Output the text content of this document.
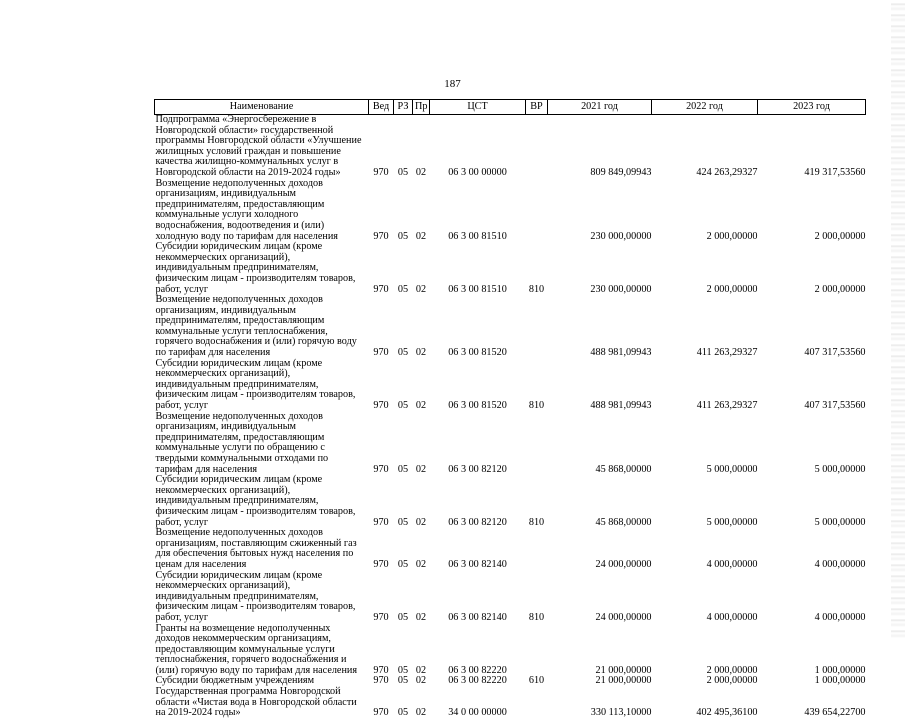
187
Наименование	Вед	РЗ	Пр	ЦСТ	ВР	2021 год	2022 год	2023 год
Подпрограмма «Энергосбережение в Новгородской области» государственной программы Новгородской области «Улучшение жилищных условий граждан и повышение качества жилищно-коммунальных услуг в Новгородской области на 2019-2024 годы»	970	05	02	06 3 00 00000		809 849,09943	424 263,29327	419 317,53560
Возмещение недополученных доходов организациям, индивидуальным предпринимателям, предоставляющим коммунальные услуги холодного водоснабжения, водоотведения и (или) холодную воду по тарифам для населения	970	05	02	06 3 00 81510		230 000,00000	2 000,00000	2 000,00000
Субсидии юридическим лицам (кроме некоммерческих организаций), индивидуальным предпринимателям, физическим лицам - производителям товаров, работ, услуг	970	05	02	06 3 00 81510	810	230 000,00000	2 000,00000	2 000,00000
Возмещение недополученных доходов организациям, индивидуальным предпринимателям, предоставляющим коммунальные услуги теплоснабжения, горячего водоснабжения и (или) горячую воду по тарифам для населения	970	05	02	06 3 00 81520		488 981,09943	411 263,29327	407 317,53560
Субсидии юридическим лицам (кроме некоммерческих организаций), индивидуальным предпринимателям, физическим лицам - производителям товаров, работ, услуг	970	05	02	06 3 00 81520	810	488 981,09943	411 263,29327	407 317,53560
Возмещение недополученных доходов организациям, индивидуальным предпринимателям, предоставляющим коммунальные услуги по обращению с твердыми коммунальными отходами по тарифам для населения	970	05	02	06 3 00 82120		45 868,00000	5 000,00000	5 000,00000
Субсидии юридическим лицам (кроме некоммерческих организаций), индивидуальным предпринимателям, физическим лицам - производителям товаров, работ, услуг	970	05	02	06 3 00 82120	810	45 868,00000	5 000,00000	5 000,00000
Возмещение недополученных доходов организациям, поставляющим сжиженный газ для обеспечения бытовых нужд населения по ценам для населения	970	05	02	06 3 00 82140		24 000,00000	4 000,00000	4 000,00000
Субсидии юридическим лицам (кроме некоммерческих организаций), индивидуальным предпринимателям, физическим лицам - производителям товаров, работ, услуг	970	05	02	06 3 00 82140	810	24 000,00000	4 000,00000	4 000,00000
Гранты на возмещение недополученных доходов некоммерческим организациям, предоставляющим коммунальные услуги теплоснабжения, горячего водоснабжения и (или) горячую воду по тарифам для населения	970	05	02	06 3 00 82220		21 000,00000	2 000,00000	1 000,00000
Субсидии бюджетным учреждениям	970	05	02	06 3 00 82220	610	21 000,00000	2 000,00000	1 000,00000
Государственная программа Новгородской области «Чистая вода в Новгородской области на 2019-2024 годы»	970	05	02	34 0 00 00000		330 113,10000	402 495,36100	439 654,22700
